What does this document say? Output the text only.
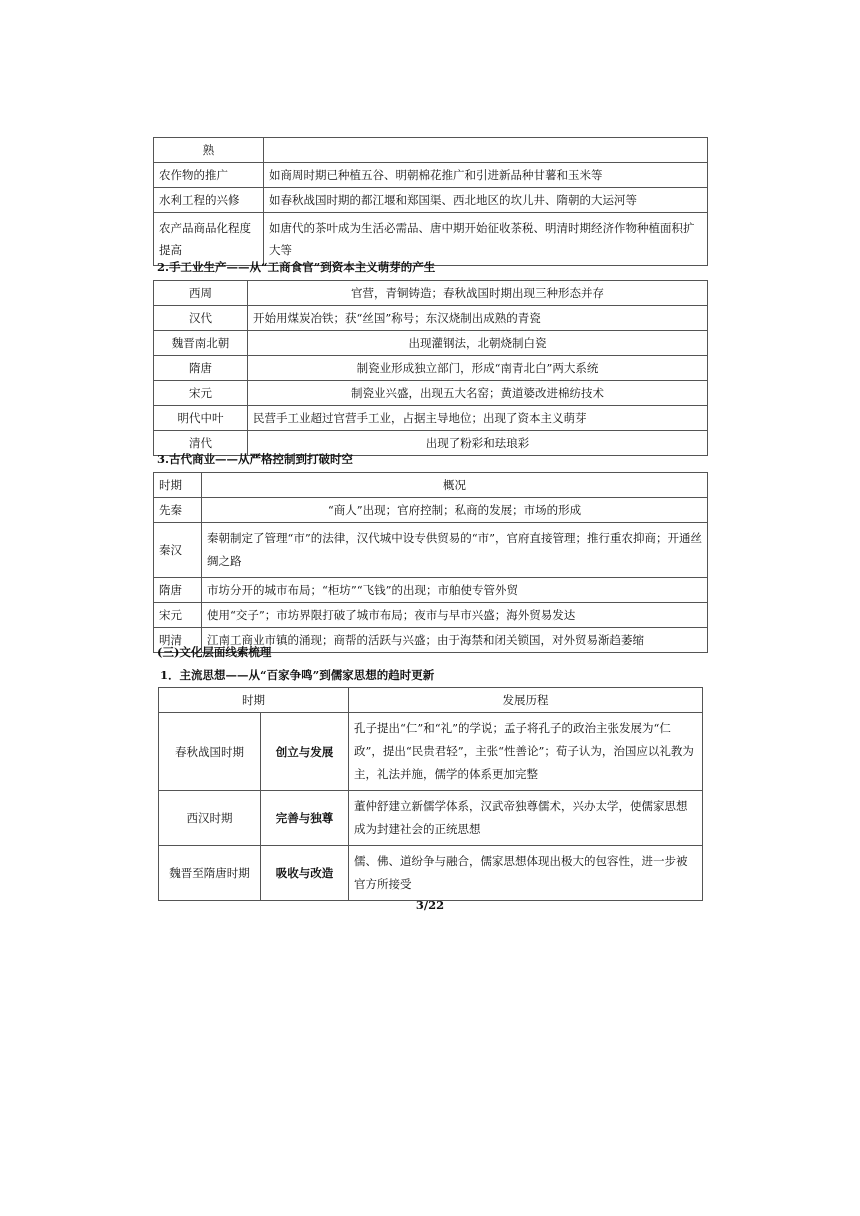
熟	
农作物的推广	如商周时期已种植五谷、明朝棉花推广和引进新品种甘薯和玉米等
水利工程的兴修	如春秋战国时期的都江堰和郑国渠、西北地区的坎儿井、隋朝的大运河等
农产品商品化程度提高	如唐代的茶叶成为生活必需品、唐中期开始征收茶税、明清时期经济作物种植面积扩大等
2.手工业生产——从“工商食官”到资本主义萌芽的产生
西周	官营，青铜铸造；春秋战国时期出现三种形态并存
汉代	开始用煤炭冶铁；获“丝国”称号；东汉烧制出成熟的青瓷
魏晋南北朝	出现灌钢法，北朝烧制白瓷
隋唐	制瓷业形成独立部门，形成“南青北白”两大系统
宋元	制瓷业兴盛，出现五大名窑；黄道婆改进棉纺技术
明代中叶	民营手工业超过官营手工业，占据主导地位；出现了资本主义萌芽
清代	出现了粉彩和珐琅彩
3.古代商业——从严格控制到打破时空
时期	概况
先秦	“商人”出现；官府控制；私商的发展；市场的形成
秦汉	秦朝制定了管理“市”的法律，汉代城中设专供贸易的“市”，官府直接管理；推行重农抑商；开通丝绸之路
隋唐	市坊分开的城市布局；“柜坊”“飞钱”的出现；市舶使专管外贸
宋元	使用“交子”；市坊界限打破了城市布局；夜市与早市兴盛；海外贸易发达
明清	江南工商业市镇的涌现；商帮的活跃与兴盛；由于海禁和闭关锁国，对外贸易渐趋萎缩
(三)文化层面线索梳理
1．主流思想——从“百家争鸣”到儒家思想的趋时更新
时期		发展历程
春秋战国时期	创立与发展	孔子提出“仁”和“礼”的学说；孟子将孔子的政治主张发展为“仁政”，提出“民贵君轻”，主张“性善论”；荀子认为，治国应以礼教为主，礼法并施，儒学的体系更加完整
西汉时期	完善与独尊	董仲舒建立新儒学体系，汉武帝独尊儒术，兴办太学，使儒家思想成为封建社会的正统思想
魏晋至隋唐时期	吸收与改造	儒、佛、道纷争与融合，儒家思想体现出极大的包容性，进一步被官方所接受
3/22
